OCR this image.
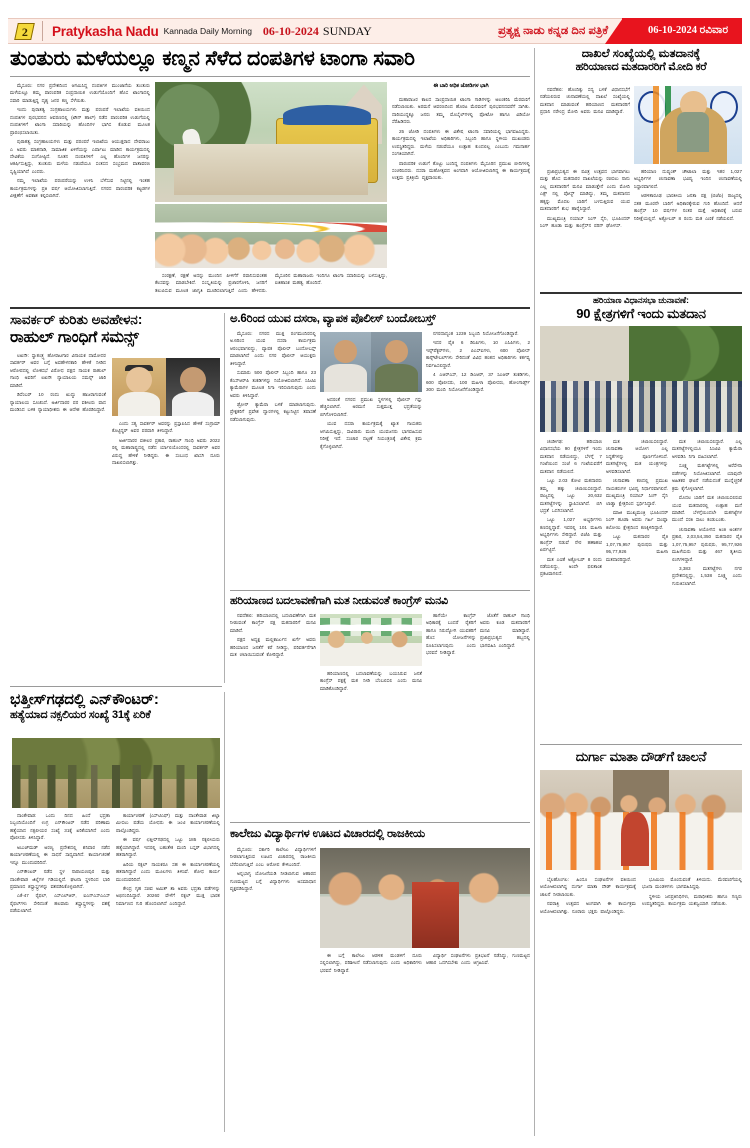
2 Pratykasha Nadu Kannada Daily Morning 06-10-2024 SUNDAY	ಪ್ರತ್ಯಕ್ಷ ನಾಡು ಕನ್ನಡ ದಿನ ಪತ್ರಿಕೆ	06-10-2024 ರವಿವಾರ
ತುಂತುರು ಮಳೆಯಲ್ಲೂ ಕಣ್ಮನ ಸೆಳೆದ ದಂಪತಿಗಳ ಟಾಂಗಾ ಸವಾರಿ

ಮೈಸೂರು: ನಗರ ಪ್ರದೇಶದಿಂದ ಆಗಮಿಸಿದ್ದ ದಂಪತಿಗಳ ಮುಂಜಾನೆಯ ತುಂತುರು ಮಳೆಯಲ್ಲೂ ತಮ್ಮ ಪಾರಂಪರಿಕ ಸಂಪ್ರದಾಯಿಕ ಉಡುಗೆಯೊಂದಿಗೆ ಹೊಸ ಟಾಂಗಾದಲ್ಲಿ ಸವಾರಿ ಮಾಡುತ್ತಿದ್ದ ದೃಶ್ಯ ಜನರ ಕಣ್ಣ ಸೆಳೆಯಿತು.

ಇಂದು ಪುರಾತತ್ವ ಸಂಗ್ರಹಾಲಯಗಳು ಮತ್ತು ಪರಂಪರೆ ಇಲಾಖೆಯ ವತಿಯಿಂದ ದಂಪತಿಗಳ ಪುರಭವನದ ಆವರಣದಲ್ಲಿ (ಟೌನ್ ಹಾಲ್) ನಡೆದ ಪಾರಂಪರಿಕ ಉಡುಗೆಯಲ್ಲಿ ದಂಪತಿಗಳಿಗೆ ಟಾಂಗಾ ಸವಾರಿಯನ್ನು ಹೊಂದಿಗಳ ಭಾಗಿಸ ಕೊಡುವ ಮೂಲಕ ಪ್ರಾರಂಭಿಸಲಾಯಿತು.

ಪುರಾತತ್ವ ಸಂಗ್ರಹಾಲಯಗಳು ಮತ್ತು ಪರಂಪರೆ ಇಲಾಖೆಯ ಆಯುಕ್ತರಾದ ದೇವರಾಜು ಎ ಅವರು ಮಾತನಾಡಿ, ಸಾಮಾಜಿಕ ಏಳಿಗೆಯನ್ನು ಎರ್ಪಾಟು ಮಾಡಿದ ಕಾರ್ಯಕ್ರಮದಲ್ಲಿ ದೇವಿಕೆಯ ಸಂಗೋಷ್ಠಿದೆ. ನೂತನ ದಂಪತಿಗಳಿಗೆ ಎಲ್ಲ ಹೊಂದಿಗಳ ಜನರನ್ನು ಆಕರ್ಷಿಸುತ್ತಿದ್ದು, ತುಂತುರು ಮಳೆಯ ನಡುವೆಯೂ ಸಂತಸದ ಸಂಭ್ರಮದ ವಾತಾವರಣ ಸೃಷ್ಟಿಯಾಗಿದೆ ಎಂದರು.

ನಮ್ಮ ಇಲಾಖೆಯ ಪರಂಪರೆಯನ್ನು ಉಳಿಸಿ ಬೆಳೆಸುವ ನಿಟ್ಟಿನಲ್ಲಿ ಇಂತಹ ಕಾರ್ಯಕ್ರಮಗಳನ್ನು ಪ್ರತಿ ವರ್ಷ ಆಯೋಜಿಸಲಾಗುತ್ತಿದೆ. ನಗರದ ಪಾರಂಪರಿಕ ಕಟ್ಟಡಗಳ ವೀಕ್ಷಣೆಗೆ ಅವಕಾಶ ಕಲ್ಪಿಸಲಾಗಿದೆ.

ಸಂರಕ್ಷಣೆ, ರಕ್ಷಣೆ ಅದನ್ನು ಮುಂದಿನ ಪೀಳಿಗೆಗೆ ರವಾನಿಸುವಂತಹ ಕೆಲಸವನ್ನು ಮಾಡಬೇಕಿದೆ. ಸಂಸ್ಕೃತಿಯನ್ನು ಪ್ರಚಾರಗೊಳಿಸಿ, ಜನರಿಗೆ ತಲುಪಿಸುವ ಮೂಲಕ ಜಾಗೃತಿ ಮೂಡಿಸಲಾಗುತ್ತಿದೆ ಎಂದು ಹೇಳಿದರು. ಮೈಸೂರಿನ ಮಹಾರಾಜರು ಇಂದಿಗೂ ಟಾಂಗಾ ಸವಾರಿಯನ್ನು ಬಳಸುತ್ತಿದ್ದು, ಐತಿಹಾಸಿಕ ಮಹತ್ವ ಹೊಂದಿದೆ.

ಮಹಾರಾಜರ ಕಾಲದ ಸಾಂಪ್ರದಾಯಿಕ ಟಾಂಗಾ ಗಾಡಿಗಳನ್ನು ಅಲಂಕರಿಸಿ ಮೆರವಣಿಗೆ ನಡೆಸಲಾಯಿತು. ಅರಮನೆ ಆವರಣದಿಂದ ಹೊರಟ ಮೆರವಣಿಗೆ ಪುರಭವನದವರೆಗೆ ಸಾಗಿತು. ದಾರಿಯುದ್ದಕ್ಕೂ ಜನರು ತಮ್ಮ ಮೊಬೈಲ್‌ಗಳಲ್ಲಿ ಫೋಟೋ ಹಾಗೂ ವಿಡಿಯೋ ಸೆರೆಹಿಡಿದರು.

25 ಜೋಡಿ ದಂಪತಿಗಳು ಈ ವಿಶೇಷ ಟಾಂಗಾ ಸವಾರಿಯಲ್ಲಿ ಭಾಗವಹಿಸಿದ್ದರು. ಕಾರ್ಯಕ್ರಮದಲ್ಲಿ ಇಲಾಖೆಯ ಅಧಿಕಾರಿಗಳು, ಸಿಬ್ಬಂದಿ ಹಾಗೂ ಸ್ಥಳೀಯ ಮುಖಂಡರು ಉಪಸ್ಥಿತರಿದ್ದರು. ಮಳೆಯ ನಡುವೆಯೂ ಉತ್ಸಾಹ ಕುಂದಲಿಲ್ಲ ಎಂಬುದು ಗಮನಾರ್ಹ ಸಂಗತಿಯಾಗಿದೆ.

ಪಾರಂಪರಿಕ ಉಡುಗೆ ತೊಟ್ಟು ಬಂದಿದ್ದ ದಂಪತಿಗಳು ಮೈಸೂರಿನ ಪ್ರಮುಖ ಬೀದಿಗಳಲ್ಲಿ ಸಂಚರಿಸಿದರು. ದಸರಾ ಮಹೋತ್ಸವದ ಅಂಗವಾಗಿ ಆಯೋಜಿಸಲಾಗಿದ್ದ ಈ ಕಾರ್ಯಕ್ರಮಕ್ಕೆ ಉತ್ತಮ ಪ್ರತಿಕ್ರಿಯೆ ವ್ಯಕ್ತವಾಯಿತು.

ಈ ಬಾರಿ ಅಧಿಕ ಜೋಡಿಗಳ ಭಾಗಿ
ದಾಖಲೆ ಸಂಖ್ಯೆಯಲ್ಲಿ ಮತದಾನಕ್ಕೆ
ಹರಿಯಾಣದ ಮತದಾರರಿಗೆ ಮೋದಿ ಕರೆ

ನವದೆಹಲಿ: ಹೊಂದಿಕ್ಕು ಸದ್ಯ ಬಳಕೆ ವಿಧಾನಸಭೆಗೆ ನಡೆಯಲಿರುವ ಚುನಾವಣೆಯಲ್ಲಿ ದಾಖಲೆ ಸಂಖ್ಯೆಯಲ್ಲಿ ಮತದಾನ ಮಾಡುವಂತೆ ಹರಿಯಾಣದ ಮತದಾರರಿಗೆ ಪ್ರಧಾನಿ ನರೇಂದ್ರ ಮೋದಿ ಅವರು ಮನವಿ ಮಾಡಿದ್ದಾರೆ.

ಪ್ರಜಾಪ್ರಭುತ್ವದ ಈ ಪವಿತ್ರ ಉತ್ಸವದ ಭಾಗವಾಗಲು ಮತ್ತು ಹೊಸ ಮತದಾರರ ದಾಖಲೆಯನ್ನು ರಚಿಸಲು ನಾನು ಎಲ್ಲ ಮತದಾರರಿಗೆ ಮನವಿ ಮಾಡುತ್ತೇನೆ ಎಂದು ಮೋದಿ ಎಕ್ಸ್ ನಲ್ಲಿ ಪೋಸ್ಟ್ ಮಾಡಿದ್ದು, ತಮ್ಮ ಮತದಾನದ ಹಕ್ಕನ್ನು ಮೊದಲ ಬಾರಿಗೆ ಬಳಸುತ್ತಿರುವ ಯುವ ಮತದಾರರಿಗೆ ಶುಭ ಹಾರೈಸಿದ್ದಾರೆ.

ಮುಖ್ಯಮಂತ್ರಿ ನಯಾಬ್ ಸಿಂಗ್ ಸೈನಿ, ಭೂಪಿಂದರ್ ಸಿಂಗ್ ಹೂಡಾ ಮತ್ತು ಕಾಂಗ್ರೆಸ್‌ನ ಪರಿನ್ ಘೋಗಸ್.

ಹರಿಯಾಣ ದುಷ್ಯಂತ್ ಚೌಟಾಲಾ ಮತ್ತು ಇತರ 1,027 ಅಭ್ಯರ್ಥಿಗಳ ಚುನಾವಣಾ ಭವಿಷ್ಯ ಇಂದಿನ ಚುನಾವಣೆಯಲ್ಲಿ ಸಿದ್ಧಾರವಾಗಲಿದೆ.

ಆಡಳಿತಾರೂಢ ಭಾರತೀಯ ಜನತಾ ಪಕ್ಷ (ಬಿಜೆಪಿ) ರಾಜ್ಯದಲ್ಲಿ ಸತತ ಮೂರನೇ ಬಾರಿಗೆ ಅಧಿಕಾರಕ್ಕೇರುವ ಗುರಿ ಹೊಂದಿದೆ. ಆದರೆ ಕಾಂಗ್ರೆಸ್ 10 ವರ್ಷಗಳ ನಂತರ ಮತ್ತೆ ಅಧಿಕಾರಕ್ಕೆ ಬರುವ ನಿರೀಕ್ಷೆಯಲ್ಲಿದೆ. ಅಕ್ಟೋಬರ್ 8 ರಂದು ಮತ ಎಣಿಕೆ ನಡೆಯಲಿದೆ.

ಸಾವರ್ಕರ್ ಕುರಿತು ಅವಹೇಳನ:
ರಾಹುಲ್ ಗಾಂಧಿಗೆ ಸಮನ್ಸ್

ಲಖನೌ: ಸ್ವಾತಂತ್ರ್ಯ ಹೋರಾಟಗಾರ ವಿನಾಯಕ ದಾಮೋದರ ಸಾವರ್ಕರ್ ಅವರ ಬಗ್ಗೆ ಅವಹೇಳನಕಾರಿ ಹೇಳಿಕೆ ನೀಡಿದ ಆರೋಪದಲ್ಲಿ ಲೋಕಸಭೆ ವಿರೋಧ ಪಕ್ಷದ ನಾಯಕ ರಾಹುಲ್ ಗಾಂಧಿ ಅವರಿಗೆ ಲಖನೌ ನ್ಯಾಯಾಲಯ ಸಮನ್ಸ್ ಜಾರಿ ಮಾಡಿದೆ.

ಡಿಸೆಂಬರ್ 10 ರಂದು ಖುದ್ದು ಹಾಜರಾಗುವಂತೆ ನ್ಯಾಯಾಲಯ ಸೂಚಿಸಿದೆ. ಅರ್ಜಿದಾರರ ಪರ ವಕೀಲರು ವಾದ ಮಂಡಿಸಿದ ಬಳಿಕ ನ್ಯಾಯಾಧೀಶರು ಈ ಆದೇಶ ಹೊರಡಿಸಿದ್ದಾರೆ.

ಎಂದು ಸತ್ಯ ಸಾವರ್ಕರ್ ಅವರನ್ನು ಪ್ರಸ್ತಾಪಿಸಿದ ಹೇಳಿಕೆ ಸಂಗ್ರಾಮ್ ಕೊಟ್ಟಿದ್ದರ್ ಅವರ ಪರವಾಗಿ ತಿಳಿಸಿದ್ದಾರೆ.

ಅರ್ಜಿದಾರರ ವಕೀಲರ ಪ್ರಕಾರ, ರಾಹುಲ್ ಗಾಂಧಿ ಅವರು 2022 ರಲ್ಲಿ ಮಹಾರಾಷ್ಟ್ರದಲ್ಲಿ ನಡೆದ ರ್ಯಾಲಿಯೊಂದರಲ್ಲಿ ಸಾವರ್ಕರ್ ಅವರ ವಿರುದ್ಧ ಹೇಳಿಕೆ ನೀಡಿದ್ದರು. ಈ ಸಂಬಂಧ ಖಾಸಗಿ ದೂರು ದಾಖಲಿಸಲಾಗಿತ್ತು.

ಅ.6ರಿಂದ ಯುವ ದಸರಾ, ವ್ಯಾಪಕ ಪೊಲೀಸ್ ಬಂದೋಬಸ್ತ್

ಮೈಸೂರು: ನಗರದ ಮುಕ್ತ ರಂಗಮಂದಿರದಲ್ಲಿ ಅ.6ರಿಂದ ಯುವ ದಸರಾ ಕಾರ್ಯಕ್ರಮ ಆರಂಭವಾಗಲಿದ್ದು, ವ್ಯಾಪಕ ಪೊಲೀಸ್ ಬಂದೋಬಸ್ತ್ ಮಾಡಲಾಗಿದೆ ಎಂದು ನಗರ ಪೊಲೀಸ್ ಆಯುಕ್ತರು ತಿಳಿಸಿದ್ದಾರೆ.

ಸುಮಾರು 500 ಪೊಲೀಸ್ ಸಿಬ್ಬಂದಿ ಹಾಗೂ 23 ಕೆಎಸ್ಆರ್‌ಪಿ ತುಕಡಿಗಳನ್ನು ನಿಯೋಜಿಸಲಾಗಿದೆ. ಸಿಸಿಟಿವಿ ಕ್ಯಾಮೆರಾಗಳ ಮೂಲಕ ನಿಗಾ ಇರಿಸಲಾಗುವುದು ಎಂದು ಅವರು ತಿಳಿಸಿದ್ದಾರೆ.

ಡ್ರೋನ್ ಕ್ಯಾಮೆರಾ ಬಳಕೆ ಮಾಡಲಾಗುವುದು. ಪ್ರೇಕ್ಷಕರಿಗೆ ಪ್ರವೇಶ ದ್ವಾರಗಳಲ್ಲಿ ಕಟ್ಟುನಿಟ್ಟಿನ ತಪಾಸಣೆ ನಡೆಸಲಾಗುವುದು.

ಅದರಂತೆ ನಗರದ ಪ್ರಮುಖ ಸ್ಥಳಗಳಲ್ಲಿ ಪೊಲೀಸ್ ಗಸ್ತು ಹೆಚ್ಚಿಸಲಾಗಿದೆ. ಅರಮನೆ ಸುತ್ತಮುತ್ತ ಭದ್ರತೆಯನ್ನು ಬಿಗಿಗೊಳಿಸಲಾಗಿದೆ.

ಯುವ ದಸರಾ ಕಾರ್ಯಕ್ರಮಕ್ಕೆ ಖ್ಯಾತ ಗಾಯಕರು ಆಗಮಿಸುತ್ತಿದ್ದು, ಸಾವಿರಾರು ಮಂದಿ ಯುವಜನರು ಭಾಗವಹಿಸುವ ನಿರೀಕ್ಷೆ ಇದೆ. ಸಂಚಾರ ದಟ್ಟಣೆ ನಿಯಂತ್ರಣಕ್ಕೆ ವಿಶೇಷ ಕ್ರಮ ಕೈಗೊಳ್ಳಲಾಗಿದೆ.

ನಗರದಾದ್ಯಂತ 1239 ಸಿಬ್ಬಂದಿ ನಿಯೋಜನೆಗೊಂಡಿದ್ದಾರೆ.

ಇದರ ಪೈಕಿ 6 ಡಿಸಿಪಿಗಳು, 10 ಎಸಿಪಿಗಳು, 2 ಇನ್ಸ್‌ಪೆಕ್ಟರ್‌ಗಳು, 2 ಪಿಎಸ್ಐಗಳು, 600 ಪೊಲೀಸ್ ಕಾನ್ಸ್‌ಟೇಬಲ್‌ಗಳು ಸೇರಿದಂತೆ ವಿವಿಧ ಹಂತದ ಅಧಿಕಾರಿಗಳು ಕರ್ತವ್ಯ ನಿರ್ವಹಿಸಲಿದ್ದಾರೆ.

4 ಎಆರ್‌ಎಸ್, 12 ಡಿಎಆರ್, 37 ಸಿಎಆರ್ ತುಕಡಿಗಳು, 600 ಪೊಲೀಸರು, 100 ಮಹಿಳಾ ಪೊಲೀಸರು, ಹೋಂಗಾರ್ಡ್ಸ್ 300 ಮಂದಿ ನಿಯೋಜನೆಗೊಂಡಿದ್ದಾರೆ.

ಹರಿಯಾಣ ವಿಧಾನಸಭಾ ಚುನಾವಣೆ:
90 ಕ್ಷೇತ್ರಗಳಿಗೆ ಇಂದು ಮತದಾನ

ಚಂಡೀಗಢ: ಹರಿಯಾಣ ವಿಧಾನಸಭೆಯ 90 ಕ್ಷೇತ್ರಗಳಿಗೆ ಇಂದು ಮತದಾನ ನಡೆಯಲಿದ್ದು, ಬೆಳಗ್ಗೆ 7 ಗಂಟೆಯಿಂದ ಸಂಜೆ 6 ಗಂಟೆಯವರೆಗೆ ಮತದಾನ ನಡೆಯಲಿದೆ.

ಒಟ್ಟು 2.03 ಕೋಟಿ ಮತದಾರರು ತಮ್ಮ ಹಕ್ಕು ಚಲಾಯಿಸಲಿದ್ದಾರೆ. ರಾಜ್ಯದಲ್ಲಿ ಒಟ್ಟು 20,632 ಮತಗಟ್ಟೆಗಳನ್ನು ಸ್ಥಾಪಿಸಲಾಗಿದೆ. ಬಿಗಿ ಭದ್ರತೆ ಒದಗಿಸಲಾಗಿದೆ.

ಒಟ್ಟು 1,027 ಅಭ್ಯರ್ಥಿಗಳು ಕಣದಲ್ಲಿದ್ದಾರೆ. ಇವರಲ್ಲಿ 101 ಮಹಿಳಾ ಅಭ್ಯರ್ಥಿಗಳು ಸೇರಿದ್ದಾರೆ. ಬಿಜೆಪಿ ಮತ್ತು ಕಾಂಗ್ರೆಸ್ ನಡುವೆ ನೇರ ಹಣಾಹಣಿ ಏರ್ಪಟ್ಟಿದೆ.

ಮತ ಎಣಿಕೆ ಅಕ್ಟೋಬರ್ 8 ರಂದು ನಡೆಯಲಿದ್ದು, ಅಂದೇ ಫಲಿತಾಂಶ ಪ್ರಕಟವಾಗಲಿದೆ.

ಮತ ಚಲಾಯಿಸಲಿದ್ದಾರೆ. ಚುನಾವಣಾ ಆಯೋಗ ಎಲ್ಲ ಸಿದ್ಧತೆಗಳನ್ನು ಪೂರ್ಣಗೊಳಿಸಿದೆ. ಮತಗಟ್ಟೆಗಳಲ್ಲಿ ಮತ ಯಂತ್ರಗಳನ್ನು ಅಳವಡಿಸಲಾಗಿದೆ.

ಚುನಾವಣಾ ಕಣದಲ್ಲಿ ಪ್ರಮುಖ ನಾಯಕರುಗಳ ಭವಿಷ್ಯ ನಿರ್ಧಾರವಾಗಲಿದೆ. ಮುಖ್ಯಮಂತ್ರಿ ನಯಾಬ್ ಸಿಂಗ್ ಸೈನಿ ಲಾಡ್ವಾ ಕ್ಷೇತ್ರದಿಂದ ಸ್ಪರ್ಧಿಸಿದ್ದಾರೆ.

ಮಾಜಿ ಮುಖ್ಯಮಂತ್ರಿ ಭೂಪಿಂದರ್ ಸಿಂಗ್ ಹೂಡಾ ಅವರು ಗರ್ಹಿ ಸಾಂಪ್ಲಾ ಕಿಲೋಯಿ ಕ್ಷೇತ್ರದಿಂದ ಕಣಕ್ಕಿಳಿದಿದ್ದಾರೆ.

ಒಟ್ಟು ಮತದಾರರ ಪೈಕಿ 1,07,75,957 ಪುರುಷರು ಮತ್ತು 95,77,926 ಮಹಿಳಾ ಮತದಾರರಿದ್ದಾರೆ.

ಮತ ಚಲಾಯಿಸಲಿದ್ದಾರೆ. ಎಲ್ಲ ಮತಗಟ್ಟೆಗಳಲ್ಲಿಯೂ ಸಿಸಿಟಿವಿ ಕ್ಯಾಮೆರಾ ಅಳವಡಿಸಿ ನಿಗಾ ವಹಿಸಲಾಗಿದೆ.

ಸೂಕ್ಷ್ಮ ಮತಗಟ್ಟೆಗಳಲ್ಲಿ ಅರೆಸೇನಾ ಪಡೆಗಳನ್ನು ನಿಯೋಜಿಸಲಾಗಿದೆ. ಯಾವುದೇ ಅಹಿತಕರ ಘಟನೆ ನಡೆಯದಂತೆ ಮುನ್ನೆಚ್ಚರಿಕೆ ಕ್ರಮ ಕೈಗೊಳ್ಳಲಾಗಿದೆ.

ಮೊದಲ ಬಾರಿಗೆ ಮತ ಚಲಾಯಿಸಲಿರುವ ಯುವ ಮತದಾರರಲ್ಲಿ ಉತ್ಸಾಹ ಮನೆ ಮಾಡಿದೆ. ಬೆಳಗ್ಗೆಯಿಂದಲೇ ಮತಗಟ್ಟೆಗಳ ಮುಂದೆ ಸರತಿ ಸಾಲು ಕಂಡುಬಂತು.

ಚುನಾವಣಾ ಆಯೋಗದ ಅಂಕಿ ಅಂಶಗಳ ಪ್ರಕಾರ, 2,03,54,350 ಮತದಾರರ ಪೈಕಿ 1,07,75,957 ಪುರುಷರು, 95,77,926 ಮಹಿಳೆಯರು ಮತ್ತು 467 ತೃತೀಯ ಲಿಂಗಿಗಳಿದ್ದಾರೆ.

3,383 ಮತಗಟ್ಟೆಗಳು ನಗರ ಪ್ರದೇಶದಲ್ಲಿದ್ದು, 1,538 ಸೂಕ್ಷ್ಮ ಎಂದು ಗುರುತಿಸಲಾಗಿದೆ.

ಹರಿಯಾಣದ ಬದಲಾವಣೆಗಾಗಿ ಮತ ನೀಡುವಂತೆ ಕಾಂಗ್ರೆಸ್ ಮನವಿ

ನವದೆಹಲಿ: ಹರಿಯಾಣದಲ್ಲಿ ಬದಲಾವಣೆಗಾಗಿ ಮತ ನೀಡುವಂತೆ ಕಾಂಗ್ರೆಸ್ ಪಕ್ಷ ಮತದಾರರಿಗೆ ಮನವಿ ಮಾಡಿದೆ.

ಪಕ್ಷದ ಅಧ್ಯಕ್ಷ ಮಲ್ಲಿಕಾರ್ಜುನ ಖರ್ಗೆ ಅವರು ಹರಿಯಾಣದ ಜನತೆಗೆ ಕರೆ ನೀಡಿದ್ದು, ಪರಿವರ್ತನೆಗಾಗಿ ಮತ ಚಲಾಯಿಸುವಂತೆ ಕೋರಿದ್ದಾರೆ.

ಹರಿಯಾಣದಲ್ಲಿ ಬದಲಾವಣೆಯನ್ನು ಬಯಸಿರುವ ಜನತೆ ಕಾಂಗ್ರೆಸ್ ಪಕ್ಷಕ್ಕೆ ಮತ ನೀಡಿ ಬೆಂಬಲಿಸಲಿ ಎಂದು ಮನವಿ ಮಾಡಿಕೊಂಡಿದ್ದಾರೆ.

ಹಾಗೆಯೇ ಕಾಂಗ್ರೆಸ್ ಅಧಿಕಾರಕ್ಕೆ ಬಂದರೆ ರೈತರಿಗೆ ಹಾಗೂ ನಿರುದ್ಯೋಗಿ ಯುವಕರಿಗೆ ಹೊಸ ಯೋಜನೆಗಳನ್ನು ರೂಪಿಸಲಾಗುವುದು ಎಂದು ಭರವಸೆ ನೀಡಿದ್ದಾರೆ.

ಜೊತೆಗೆ ರಾಹುಲ್ ಗಾಂಧಿ ಅವರು ಕೂಡ ಮತದಾರರಿಗೆ ಮನವಿ ಮಾಡಿದ್ದಾರೆ. ಪ್ರಜಾಪ್ರಭುತ್ವದ ಹಬ್ಬದಲ್ಲಿ ಭಾಗವಹಿಸಿ ಎಂದಿದ್ದಾರೆ.

ಭತ್ತೀಸ್‌ಗಢದಲ್ಲಿ ಎನ್‌ಕೌಂಟರ್:
ಹತ್ಯೆಯಾದ ನಕ್ಸಲಿಯರ ಸಂಖ್ಯೆ 31ಕ್ಕೆ ಏರಿಕೆ

ದಾಂತೇವಾಡ: ಒಂದು ದಿನದ ಹಿಂದೆ ಭದ್ರತಾ ಸಿಬ್ಬಂದಿಯೊಂದಿಗೆ ಉಗ್ರ ಎನ್‌ಕೌಂಟರ್ ನಡೆದ ಪರಿಣಾಮ ಹತ್ಯೆಯಾದ ನಕ್ಸಲೀಯರ ಸಂಖ್ಯೆ 31ಕ್ಕೆ ಏರಿಕೆಯಾಗಿದೆ ಎಂದು ಪೊಲೀಸರು ತಿಳಿಸಿದ್ದಾರೆ.

ಅಬುಜ್‌ಮಡ್ ಅರಣ್ಯ ಪ್ರದೇಶದಲ್ಲಿ ಶನಿವಾರ ನಡೆದ ಕಾರ್ಯಾಚರಣೆಯಲ್ಲಿ ಈ ಸಾಧನೆ ಸಾಧ್ಯವಾಗಿದೆ. ಕಾರ್ಯಾಚರಣೆ ಇನ್ನೂ ಮುಂದುವರಿದಿದೆ.

ಎನ್‌ಕೌಂಟರ್ ನಡೆದ ಸ್ಥಳ ನಾರಾಯಣಪುರ ಮತ್ತು ದಾಂತೇವಾಡ ಜಿಲ್ಲೆಗಳ ಗಡಿಯಲ್ಲಿದೆ. ಘಟನಾ ಸ್ಥಳದಿಂದ ಭಾರಿ ಪ್ರಮಾಣದ ಶಸ್ತ್ರಾಸ್ತ್ರಗಳನ್ನು ವಶಪಡಿಸಿಕೊಳ್ಳಲಾಗಿದೆ.

ಎಕೆ-47 ರೈಫಲ್, ಎಸ್‌ಎಲ್‌ಆರ್, ಐಎನ್‌ಎಸ್‌ಎಎಸ್ ರೈಫಲ್‌ಗಳು ಸೇರಿದಂತೆ ಹಲವಾರು ಶಸ್ತ್ರಾಸ್ತ್ರಗಳನ್ನು ವಶಕ್ಕೆ ಪಡೆಯಲಾಗಿದೆ.

ಕಾರ್ಯಾಚರಣೆ (ಎಸ್‌ಟಿಎಫ್) ಮತ್ತು ದಾಂತೇವಾಡ ಜಿಲ್ಲಾ ಮೀಸಲು ಪಡೆಯ ಯೋಧರು ಈ ಜಂಟಿ ಕಾರ್ಯಾಚರಣೆಯಲ್ಲಿ ಪಾಲ್ಗೊಂಡಿದ್ದರು.

ಈ ವರ್ಷ ಛತ್ತೀಸ್‌ಗಢದಲ್ಲಿ ಒಟ್ಟು 185 ನಕ್ಸಲೀಯರು ಹತ್ಯೆಯಾಗಿದ್ದಾರೆ. ಇದರಲ್ಲಿ ಬಹುತೇಕ ಮಂದಿ ಬಸ್ತರ್ ವಿಭಾಗದಲ್ಲಿ ಹತರಾಗಿದ್ದಾರೆ.

ಹಿರಿಯ ನಕ್ಸಲ್ ನಾಯಕರೂ ಸಹ ಈ ಕಾರ್ಯಾಚರಣೆಯಲ್ಲಿ ಹತರಾಗಿದ್ದಾರೆ ಎಂದು ಮೂಲಗಳು ತಿಳಿಸಿವೆ. ಶೋಧ ಕಾರ್ಯ ಮುಂದುವರಿದಿದೆ.

ಕೇಂದ್ರ ಗೃಹ ಸಚಿವ ಅಮಿತ್ ಶಾ ಅವರು ಭದ್ರತಾ ಪಡೆಗಳನ್ನು ಅಭಿನಂದಿಸಿದ್ದಾರೆ. 2026ರ ವೇಳೆಗೆ ನಕ್ಸಲ್ ಮುಕ್ತ ಭಾರತ ನಿರ್ಮಾಣದ ಗುರಿ ಹೊಂದಲಾಗಿದೆ ಎಂದಿದ್ದಾರೆ.

ಕಾಲೇಜು ವಿದ್ಯಾರ್ಥಿಗಳ ಊಟದ ವಿಚಾರದಲ್ಲಿ ರಾಜಕೀಯ

ಮೈಸೂರು: ಸರ್ಕಾರಿ ಕಾಲೇಜು ವಿದ್ಯಾರ್ಥಿಗಳಿಗೆ ನೀಡಲಾಗುತ್ತಿರುವ ಊಟದ ವಿಚಾರದಲ್ಲಿ ರಾಜಕೀಯ ಬೆರೆಸಲಾಗುತ್ತಿದೆ ಎಂಬ ಆರೋಪ ಕೇಳಿಬಂದಿದೆ.

ಅನ್ನಭಾಗ್ಯ ಯೋಜನೆಯಡಿ ನೀಡಲಾಗುವ ಆಹಾರದ ಗುಣಮಟ್ಟದ ಬಗ್ಗೆ ವಿದ್ಯಾರ್ಥಿಗಳು ಅಸಮಾಧಾನ ವ್ಯಕ್ತಪಡಿಸಿದ್ದಾರೆ.

ಈ ಬಗ್ಗೆ ಕಾಲೇಜು ಆಡಳಿತ ಮಂಡಳಿಗೆ ದೂರು ಸಲ್ಲಿಸಲಾಗಿದ್ದು, ಪರಿಶೀಲನೆ ನಡೆಸಲಾಗುವುದು ಎಂದು ಅಧಿಕಾರಿಗಳು ಭರವಸೆ ನೀಡಿದ್ದಾರೆ.

ವಿದ್ಯಾರ್ಥಿ ಸಂಘಟನೆಗಳು ಪ್ರತಿಭಟನೆ ನಡೆಸಿದ್ದು, ಗುಣಮಟ್ಟದ ಆಹಾರ ಒದಗಿಸಬೇಕು ಎಂದು ಆಗ್ರಹಿಸಿವೆ.

ದುರ್ಗಾ ಮಾತಾ ದೌಡ್‌ಗೆ ಚಾಲನೆ

ಬೈಲಹೊಂಗಲ: ಹಿಂದೂ ಸಂಘಟನೆಗಳ ವತಿಯಿಂದ ಆಯೋಜಿಸಲಾಗಿದ್ದ ದುರ್ಗಾ ಮಾತಾ ದೌಡ್ ಕಾರ್ಯಕ್ರಮಕ್ಕೆ ಚಾಲನೆ ನೀಡಲಾಯಿತು.

ನವರಾತ್ರಿ ಉತ್ಸವದ ಅಂಗವಾಗಿ ಈ ಕಾರ್ಯಕ್ರಮ ಆಯೋಜಿಸಲಾಗಿತ್ತು. ನೂರಾರು ಭಕ್ತರು ಪಾಲ್ಗೊಂಡಿದ್ದರು.

ಭೂಮಿಯ ಮೊಂದುವಂತೆ ತಿಳಿಯದು. ಮೆರವಣಿಗೆಯಲ್ಲಿ ಭಜನಾ ಮಂಡಳಿಗಳು ಭಾಗವಹಿಸಿದ್ದವು.

ಸ್ಥಳೀಯ ಜನಪ್ರತಿನಿಧಿಗಳು, ಮಠಾಧೀಶರು ಹಾಗೂ ಗಣ್ಯರು ಉಪಸ್ಥಿತರಿದ್ದರು. ಕಾರ್ಯಕ್ರಮ ಯಶಸ್ವಿಯಾಗಿ ನಡೆಯಿತು.
